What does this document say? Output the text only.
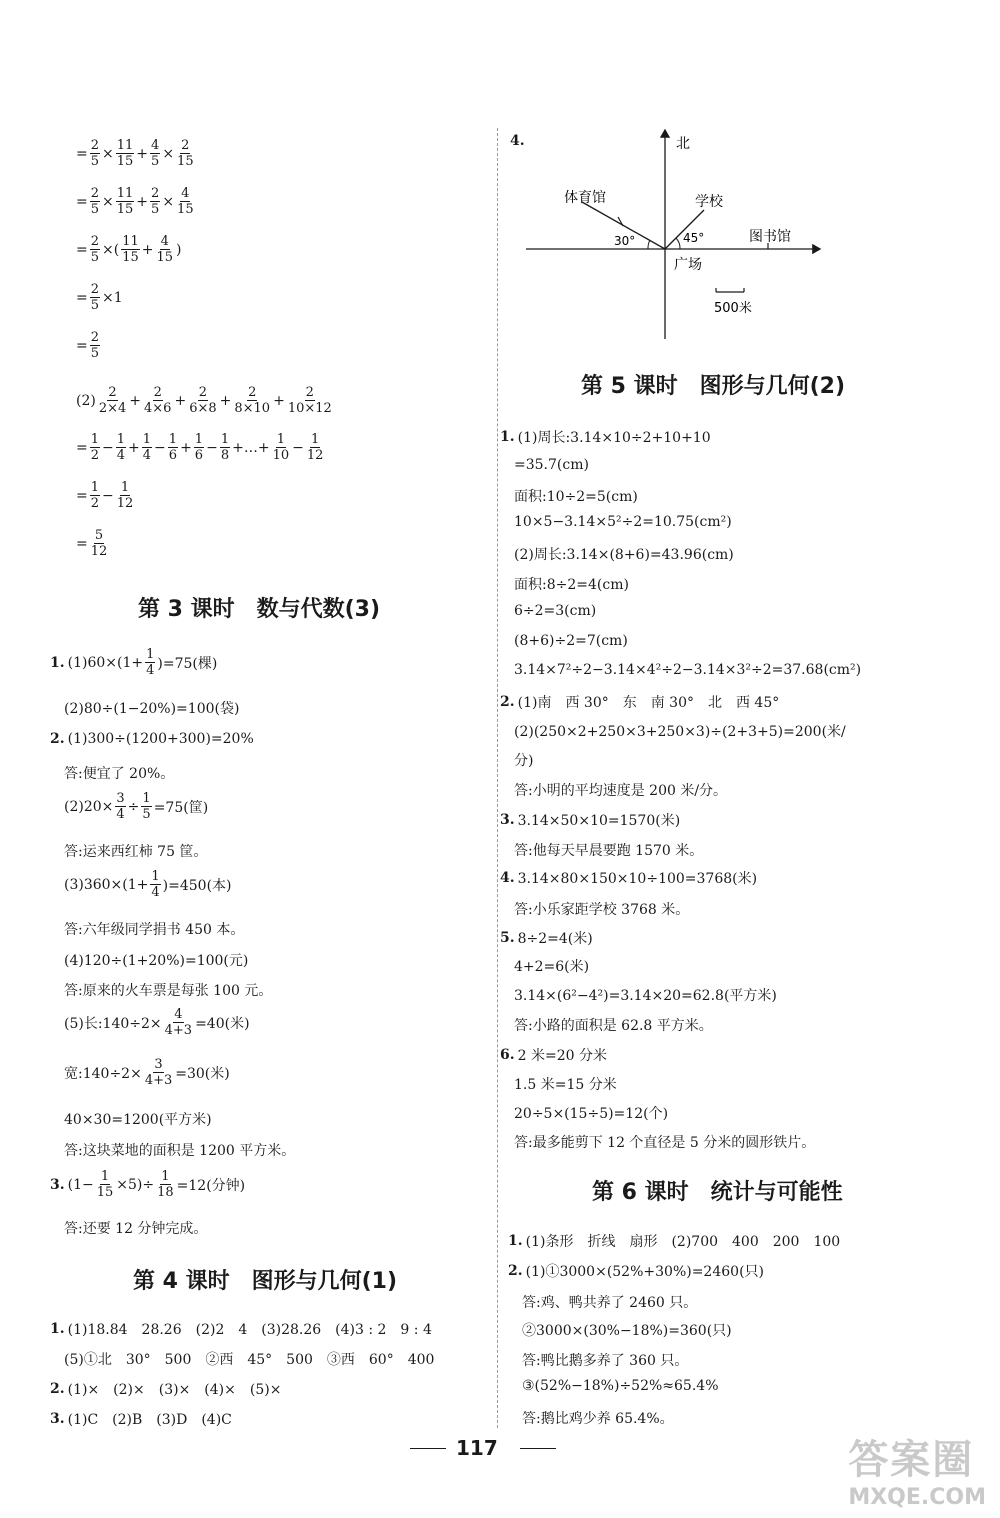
= $\frac{2}{5} \times \frac{11}{15} + \frac{4}{5} \times \frac{2}{15}$
= $\frac{2}{5} \times \frac{11}{15} + \frac{2}{5} \times \frac{4}{15}$
= $\frac{2}{5}$ ×( $\frac{11}{15} + \frac{4}{15}$ )
= $\frac{2}{5} \times 1$
= $\frac{2}{5}$
$(2) \frac{2}{2\times 4} + \frac{2}{4\times 6} + \frac{2}{6\times 8} + \frac{2}{8\times 10} + \frac{2}{10\times 12}$
= $\frac{1}{2} - \frac{1}{4} + \frac{1}{4} - \frac{1}{6} + \frac{1}{6} - \frac{1}{8}$ +…+ $\frac{1}{10} - \frac{1}{12}$
= $\frac{1}{2} - \frac{1}{12}$
= $\frac{5}{12}$
第 3 课时　数与代数(3)
1. $(1)60\times(1+ \frac{1}{4} )=75$(棵)
(2)80÷(1−20%)=100(袋)
2. (1)300÷(1200+300)=20%
答:便宜了 20%。
$(2)20\times \frac{3}{4} \div \frac{1}{5} =75$(筐)
答:运来西红柿 75 筐。
$(3)360\times(1+ \frac{1}{4} )=450$(本)
答:六年级同学捐书 450 本。
(4)120÷(1+20%)=100(元)
答:原来的火车票是每张 100 元。
(5)长:140÷2× $\frac{4}{4+3} =40$(米)
宽:140÷2× $\frac{3}{4+3} =30$(米)
40×30=1200(平方米)
答:这块菜地的面积是 1200 平方米。
3. $(1- \frac{1}{15} \times 5)\div \frac{1}{18} =12$(分钟)
答:还要 12 分钟完成。
第 4 课时　图形与几何(1)
1. (1)18.84　28.26　(2)2　4　(3)28.26　(4)3 : 2　9 : 4
(5)①北　30°　500　②西　45°　500　③西　60°　400
2. (1)×　(2)×　(3)×　(4)×　(5)×
3. (1)C　(2)B　(3)D　(4)C
4.	北
体育馆	学校
图书馆
广场
30°	45°
500米
第 5 课时　图形与几何(2)
1. (1)周长:3.14×10÷2+10+10
=35.7(cm)
面积:10÷2=5(cm)
10×5−3.14×5²÷2=10.75(cm²)
(2)周长:3.14×(8+6)=43.96(cm)
面积:8÷2=4(cm)
6÷2=3(cm)
(8+6)÷2=7(cm)
3.14×7²÷2−3.14×4²÷2−3.14×3²÷2=37.68(cm²)
2. (1)南　西 30°　东　南 30°　北　西 45°
(2)(250×2+250×3+250×3)÷(2+3+5)=200(米/
分)
答:小明的平均速度是 200 米/分。
3. 3.14×50×10=1570(米)
答:他每天早晨要跑 1570 米。
4. 3.14×80×150×10÷100=3768(米)
答:小乐家距学校 3768 米。
5. 8÷2=4(米)
4+2=6(米)
3.14×(6²−4²)=3.14×20=62.8(平方米)
答:小路的面积是 62.8 平方米。
6. 2 米=20 分米
1.5 米=15 分米
20÷5×(15÷5)=12(个)
答:最多能剪下 12 个直径是 5 分米的圆形铁片。
第 6 课时　统计与可能性
1. (1)条形　折线　扇形　(2)700　400　200　100
2. (1)①3000×(52%+30%)=2460(只)
答:鸡、鸭共养了 2460 只。
②3000×(30%−18%)=360(只)
答:鸭比鹅多养了 360 只。
③(52%−18%)÷52%≈65.4%
答:鹅比鸡少养 65.4%。
117	答案圈
MXQE.COM
